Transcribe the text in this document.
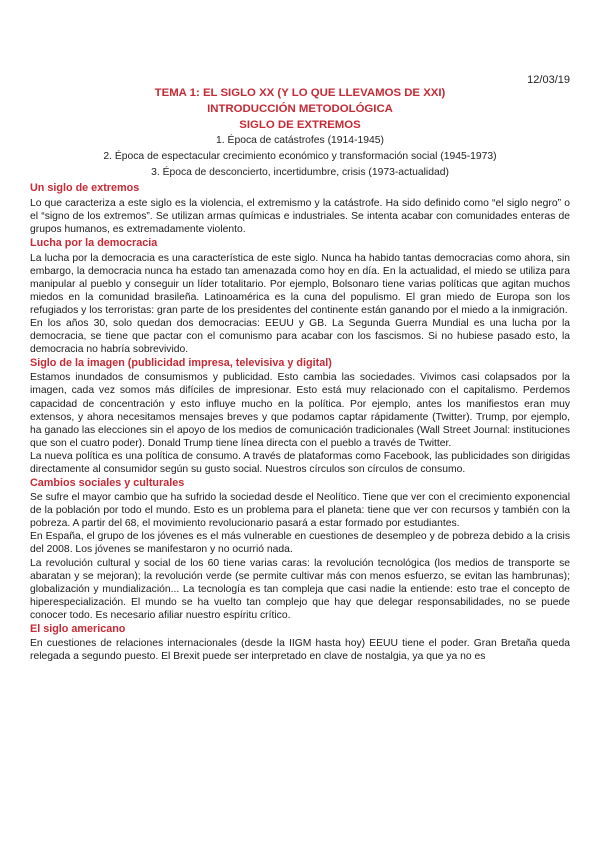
12/03/19
TEMA 1: EL SIGLO XX (Y LO QUE LLEVAMOS DE XXI)
INTRODUCCIÓN METODOLÓGICA
SIGLO DE EXTREMOS
1. Época de catástrofes (1914-1945)
2. Época de espectacular crecimiento económico y transformación social (1945-1973)
3. Época de desconcierto, incertidumbre, crisis (1973-actualidad)
Un siglo de extremos

Lo que caracteriza a este siglo es la violencia, el extremismo y la catástrofe. Ha sido definido como “el siglo negro” o el “signo de los extremos”. Se utilizan armas químicas e industriales. Se intenta acabar con comunidades enteras de grupos humanos, es extremadamente violento.

Lucha por la democracia

La lucha por la democracia es una característica de este siglo. Nunca ha habido tantas democracias como ahora, sin embargo, la democracia nunca ha estado tan amenazada como hoy en día. En la actualidad, el miedo se utiliza para manipular al pueblo y conseguir un líder totalitario. Por ejemplo, Bolsonaro tiene varias políticas que agitan muchos miedos en la comunidad brasileña. Latinoamérica es la cuna del populismo. El gran miedo de Europa son los refugiados y los terroristas: gran parte de los presidentes del continente están ganando por el miedo a la inmigración.

En los años 30, solo quedan dos democracias: EEUU y GB. La Segunda Guerra Mundial es una lucha por la democracia, se tiene que pactar con el comunismo para acabar con los fascismos. Si no hubiese pasado esto, la democracia no habría sobrevivido.

Siglo de la imagen (publicidad impresa, televisiva y digital)

Estamos inundados de consumismos y publicidad. Esto cambia las sociedades. Vivimos casi colapsados por la imagen, cada vez somos más difíciles de impresionar. Esto está muy relacionado con el capitalismo. Perdemos capacidad de concentración y esto influye mucho en la política. Por ejemplo, antes los manifiestos eran muy extensos, y ahora necesitamos mensajes breves y que podamos captar rápidamente (Twitter). Trump, por ejemplo, ha ganado las elecciones sin el apoyo de los medios de comunicación tradicionales (Wall Street Journal: instituciones que son el cuatro poder). Donald Trump tiene línea directa con el pueblo a través de Twitter.

La nueva política es una política de consumo. A través de plataformas como Facebook, las publicidades son dirigidas directamente al consumidor según su gusto social. Nuestros círculos son círculos de consumo.

Cambios sociales y culturales

Se sufre el mayor cambio que ha sufrido la sociedad desde el Neolítico. Tiene que ver con el crecimiento exponencial de la población por todo el mundo. Esto es un problema para el planeta: tiene que ver con recursos y también con la pobreza. A partir del 68, el movimiento revolucionario pasará a estar formado por estudiantes.

En España, el grupo de los jóvenes es el más vulnerable en cuestiones de desempleo y de pobreza debido a la crisis del 2008. Los jóvenes se manifestaron y no ocurrió nada.

La revolución cultural y social de los 60 tiene varias caras: la revolución tecnológica (los medios de transporte se abaratan y se mejoran); la revolución verde (se permite cultivar más con menos esfuerzo, se evitan las hambrunas); globalización y mundialización... La tecnología es tan compleja que casi nadie la entiende: esto trae el concepto de hiperespecialización. El mundo se ha vuelto tan complejo que hay que delegar responsabilidades, no se puede conocer todo. Es necesario afiliar nuestro espíritu crítico.

El siglo americano

En cuestiones de relaciones internacionales (desde la IIGM hasta hoy) EEUU tiene el poder. Gran Bretaña queda relegada a segundo puesto. El Brexit puede ser interpretado en clave de nostalgia, ya que ya no es
